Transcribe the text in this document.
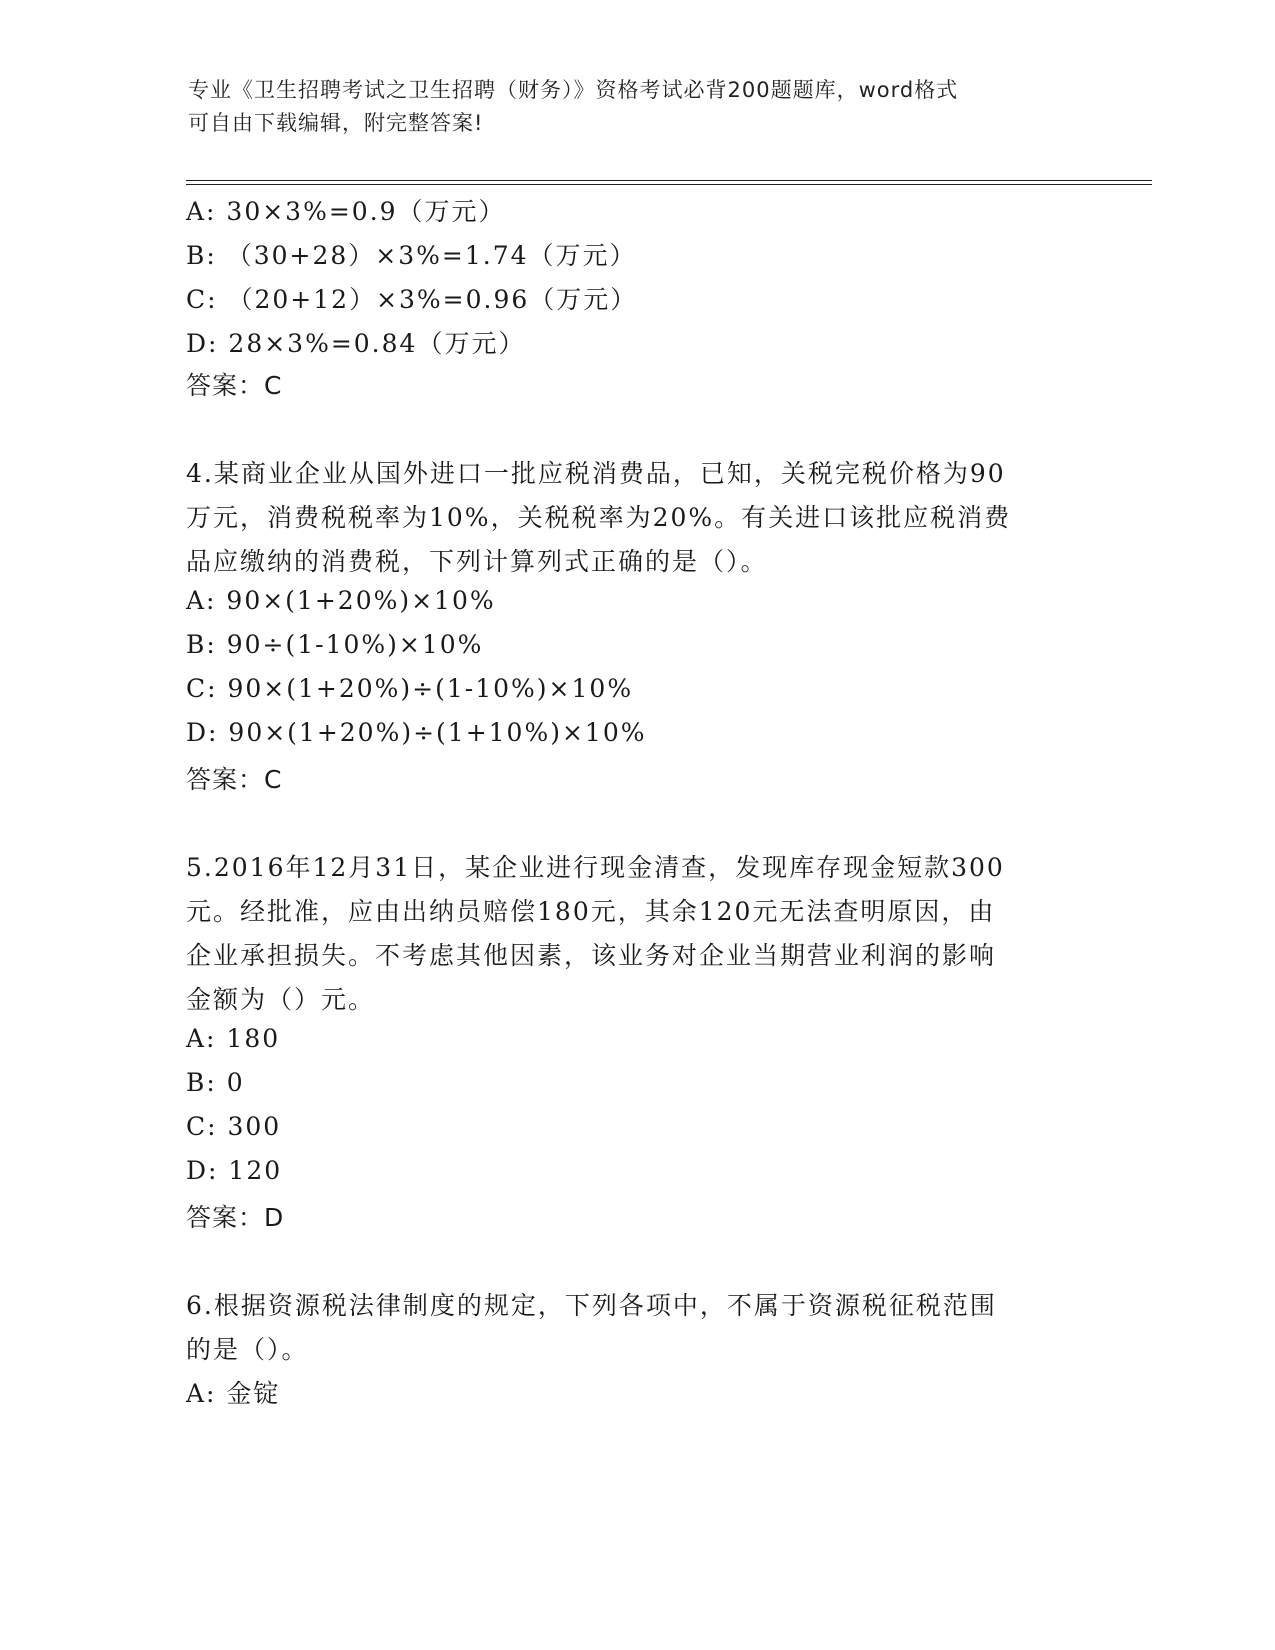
专业《卫生招聘考试之卫生招聘（财务）》资格考试必背200题题库，word格式
可自由下载编辑，附完整答案!
A: 30×3%=0.9（万元）
B: （30+28）×3%=1.74（万元）
C: （20+12）×3%=0.96（万元）
D: 28×3%=0.84（万元）
答案：C
4.某商业企业从国外进口一批应税消费品，已知，关税完税价格为90
万元，消费税税率为10%，关税税率为20%。有关进口该批应税消费
品应缴纳的消费税，下列计算列式正确的是（）。
A: 90×(1+20%)×10%
B: 90÷(1-10%)×10%
C: 90×(1+20%)÷(1-10%)×10%
D: 90×(1+20%)÷(1+10%)×10%
答案：C
5.2016年12月31日，某企业进行现金清查，发现库存现金短款300
元。经批准，应由出纳员赔偿180元，其余120元无法查明原因，由
企业承担损失。不考虑其他因素，该业务对企业当期营业利润的影响
金额为（）元。
A: 180
B: 0
C: 300
D: 120
答案：D
6.根据资源税法律制度的规定，下列各项中，不属于资源税征税范围
的是（）。
A: 金锭
